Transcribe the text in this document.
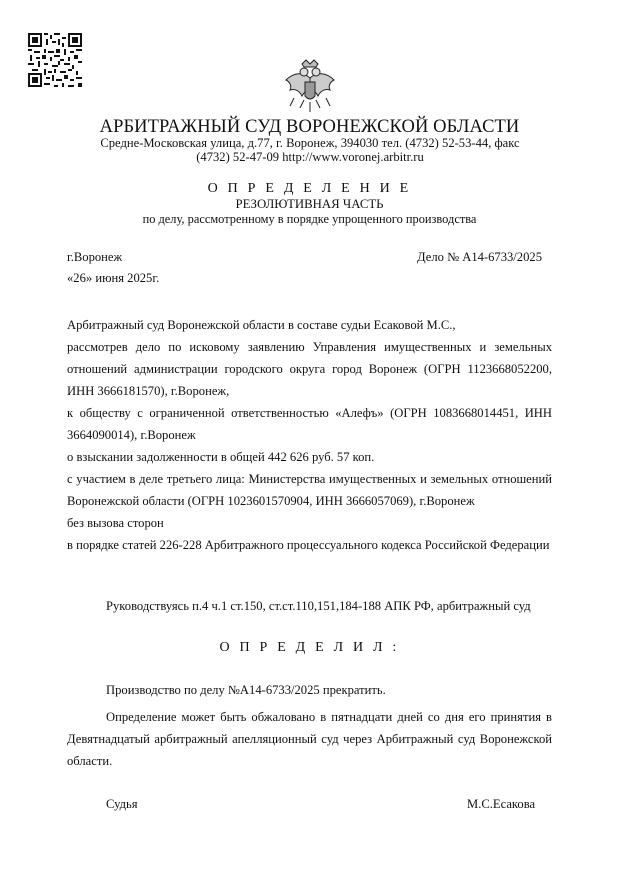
АРБИТРАЖНЫЙ СУД ВОРОНЕЖСКОЙ ОБЛАСТИ
Средне-Московская улица, д.77, г. Воронеж, 394030 тел. (4732) 52-53-44, факс
(4732) 52-47-09 http://www.voronej.arbitr.ru
О П Р Е Д Е Л Е Н И Е
РЕЗОЛЮТИВНАЯ ЧАСТЬ
по делу, рассмотренному в порядке упрощенного производства
г.Воронеж	Дело № А14-6733/2025
«26» июня 2025г.

Арбитражный суд Воронежской области в составе судьи Есаковой М.С.,

рассмотрев дело по исковому заявлению Управления имущественных и земельных отношений администрации городского округа город Воронеж (ОГРН 1123668052200, ИНН 3666181570), г.Воронеж,

к обществу с ограниченной ответственностью «Алефъ» (ОГРН 1083668014451, ИНН 3664090014), г.Воронеж

о взыскании задолженности в общей 442 626 руб. 57 коп.

с участием в деле третьего лица: Министерства имущественных и земельных отношений Воронежской области (ОГРН 1023601570904, ИНН 3666057069), г.Воронеж

без вызова сторон

в порядке статей 226-228 Арбитражного процессуального кодекса Российской Федерации

Руководствуясь п.4 ч.1 ст.150, ст.ст.110,151,184-188 АПК РФ, арбитражный суд
О П Р Е Д Е Л И Л :
Производство по делу №А14-6733/2025 прекратить.

Определение может быть обжаловано в пятнадцати дней со дня его принятия в Девятнадцатый арбитражный апелляционный суд через Арбитражный суд Воронежской области.

Судья	М.С.Есакова
